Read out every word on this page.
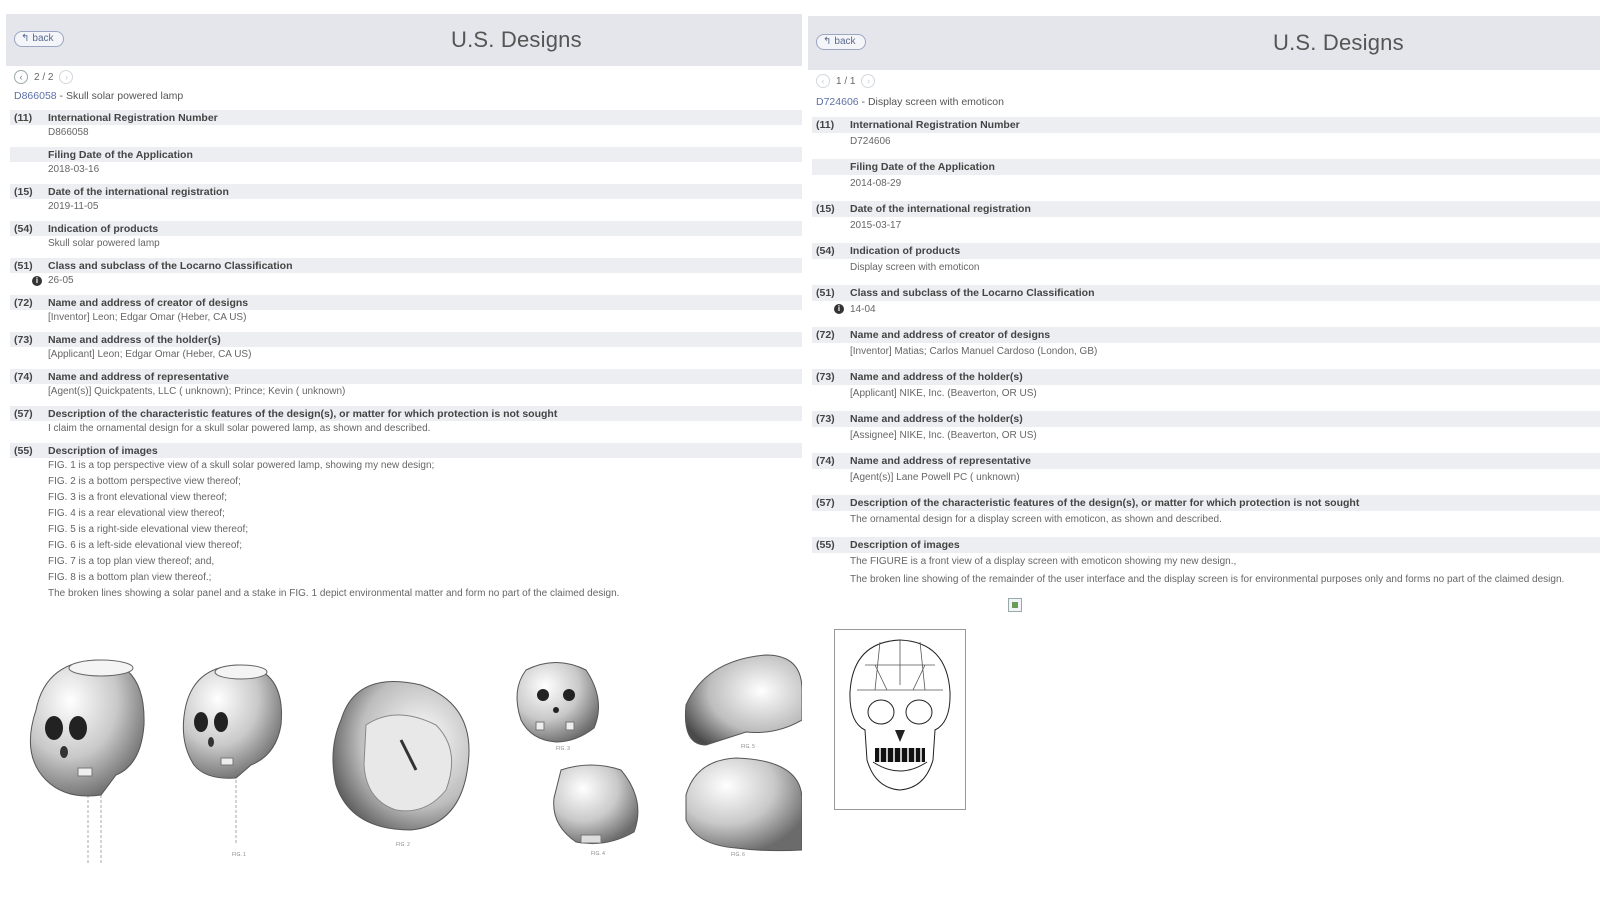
↰ back	U.S. Designs
‹	2 / 2	›
D866058 - Skull solar powered lamp
(11)	International Registration Number
D866058
Filing Date of the Application
2018-03-16
(15)	Date of the international registration
2019-11-05
(54)	Indication of products
Skull solar powered lamp
(51)	Class and subclass of the Locarno Classification
i 26-05
(72)	Name and address of creator of designs
[Inventor] Leon; Edgar Omar (Heber, CA US)
(73)	Name and address of the holder(s)
[Applicant] Leon; Edgar Omar (Heber, CA US)
(74)	Name and address of representative
[Agent(s)] Quickpatents, LLC ( unknown); Prince; Kevin ( unknown)
(57)	Description of the characteristic features of the design(s), or matter for which protection is not sought
I claim the ornamental design for a skull solar powered lamp, as shown and described.
(55)	Description of images
FIG. 1 is a top perspective view of a skull solar powered lamp, showing my new design;
FIG. 2 is a bottom perspective view thereof;
FIG. 3 is a front elevational view thereof;
FIG. 4 is a rear elevational view thereof;
FIG. 5 is a right-side elevational view thereof;
FIG. 6 is a left-side elevational view thereof;
FIG. 7 is a top plan view thereof; and,
FIG. 8 is a bottom plan view thereof.;
The broken lines showing a solar panel and a stake in FIG. 1 depict environmental matter and form no part of the claimed design.
FIG. 1
FIG. 2
FIG. 3
FIG. 4
FIG. 5
FIG. 6
↰ back	U.S. Designs
‹	1 / 1	›
D724606 - Display screen with emoticon
(11)	International Registration Number
D724606
Filing Date of the Application
2014-08-29
(15)	Date of the international registration
2015-03-17
(54)	Indication of products
Display screen with emoticon
(51)	Class and subclass of the Locarno Classification
i 14-04
(72)	Name and address of creator of designs
[Inventor] Matias; Carlos Manuel Cardoso (London, GB)
(73)	Name and address of the holder(s)
[Applicant] NIKE, Inc. (Beaverton, OR US)
(73)	Name and address of the holder(s)
[Assignee] NIKE, Inc. (Beaverton, OR US)
(74)	Name and address of representative
[Agent(s)] Lane Powell PC ( unknown)
(57)	Description of the characteristic features of the design(s), or matter for which protection is not sought
The ornamental design for a display screen with emoticon, as shown and described.
(55)	Description of images
The FIGURE is a front view of a display screen with emoticon showing my new design.,
The broken line showing of the remainder of the user interface and the display screen is for environmental purposes only and forms no part of the claimed design.
